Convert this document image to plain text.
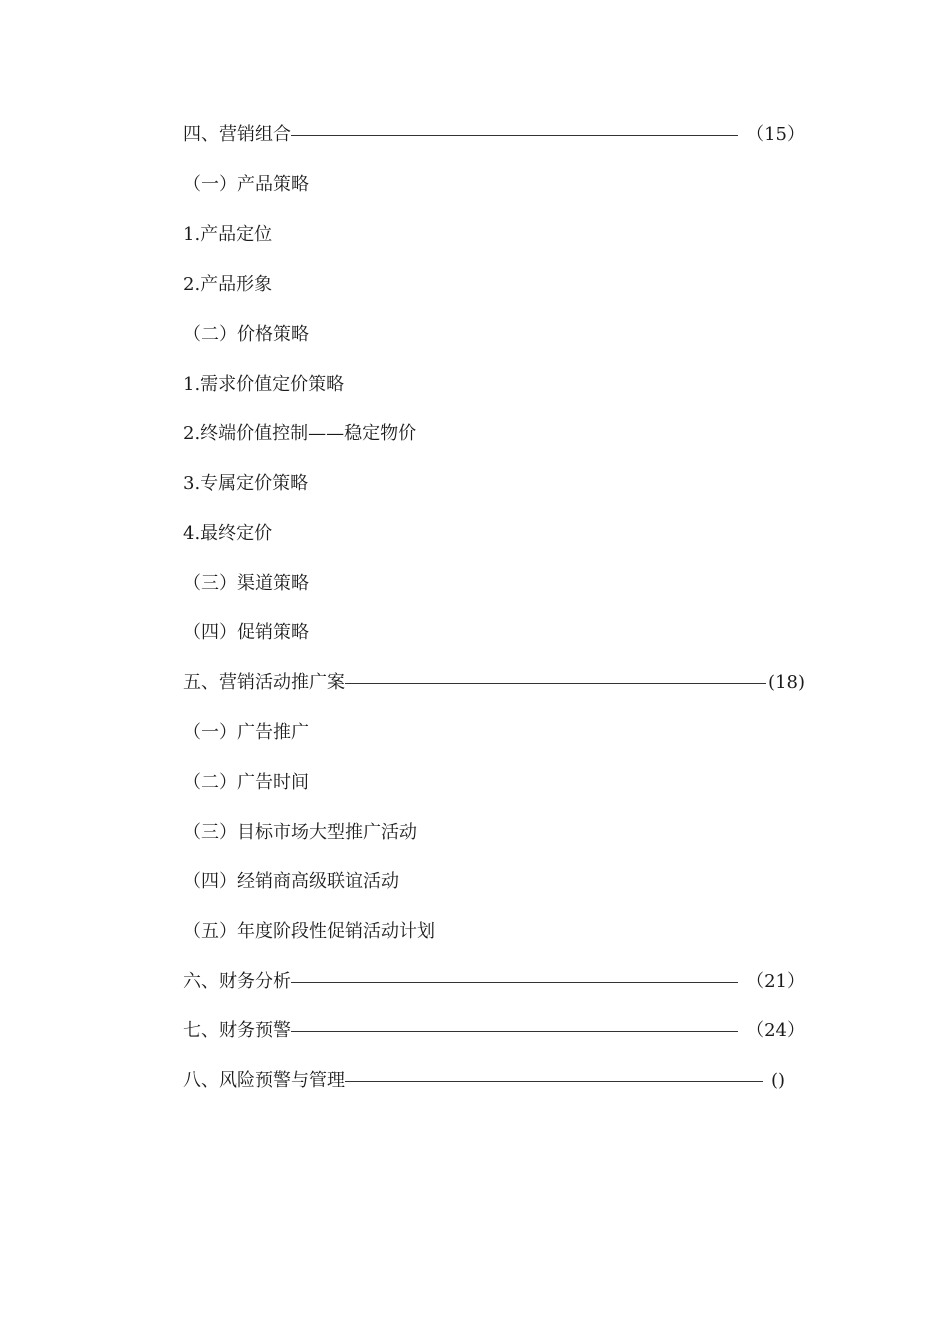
四、营销组合	（15）
（一）产品策略
1.产品定位
2.产品形象
（二）价格策略
1.需求价值定价策略
2.终端价值控制——稳定物价
3.专属定价策略
4.最终定价
（三）渠道策略
（四）促销策略
五、营销活动推广案	(18)
（一）广告推广
（二）广告时间
（三）目标市场大型推广活动
（四）经销商高级联谊活动
（五）年度阶段性促销活动计划
六、财务分析	（21）
七、财务预警	（24）
八、风险预警与管理	()
